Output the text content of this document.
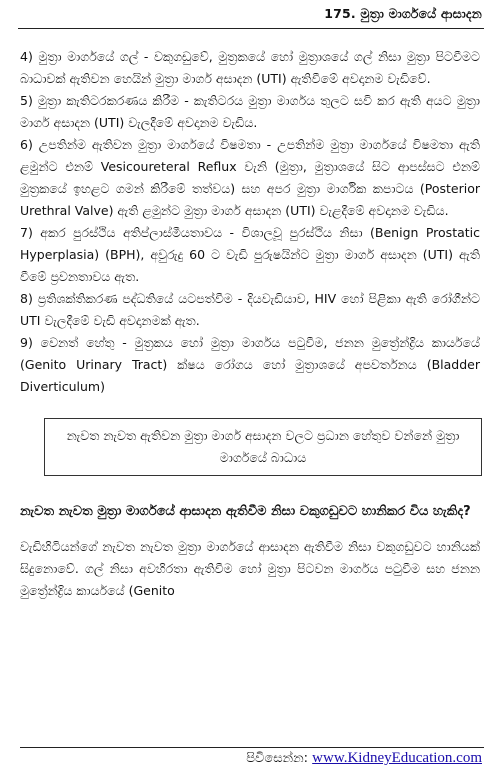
175. මුත්‍රා මාර්ගයේ ආසාදන

4) මුත්‍රා මාර්ගයේ ගල් - වකුගඩුවේ, මුත්‍රකයේ හෝ මුත්‍රාශයේ ගල් නිසා මුත්‍රා පිටවීමට බාධාවක් ඇතිවන හෙයින් මුත්‍රා මාර්ග අසාදන (UTI) ඇතිවීමේ අවදානම වැඩිවේ.

5) මුත්‍රා කැතිටරකරණය කිරීම - කැතිටරය මුත්‍රා මාර්ගය තුලට සවි කර ඇති අයට මුත්‍රා මාර්ග අසාදන (UTI) වැලදීමේ අවදානම වැඩිය.

6) උපතින්ම ඇතිවන මුත්‍රා මාර්ගයේ විෂමතා - උපතින්ම මුත්‍රා මාර්ගයේ විෂමතා ඇති ළමුන්ට එනම් Vesicoureteral Reflux වැනි (මුත්‍රා, මුත්‍රාශයේ සිට ආපස්සට එනම් මුත්‍රකයේ ඉහළට ගමන් කිරීමේ තත්වය) සහ අපර මුත්‍රා මාර්ගික කපාටය (Posterior Urethral Valve) ඇති ළමුන්ට මුත්‍රා මාර්ග අසාදන (UTI) වැළදීමේ අවදානම වැඩිය.

7) අකර පුරස්ථිය අතිප්ලාස්මීයතාවය - විශාලවූ පුරස්ථිය නිසා (Benign Prostatic Hyperplasia) (BPH), අවුරුදු 60 ට වැඩි පුරුෂයින්ට මුත්‍රා මාර්ග අසාදන (UTI) ඇති වීමේ ප්‍රවනතාවය ඇත.

8) ප්‍රතිශක්තිකරණ පද්ධතියේ යටපත්වීම - දියවැඩියාව, HIV හෝ පිළිකා ඇති රෝගීන්ට UTI වැලදීමේ වැඩි අවදානමක් ඇත.

9) වෙනත් හේතු - මුත්‍රකය හෝ මුත්‍රා මාර්ගය පටුවීම, ජනන මුත්‍රේන්ද්‍රිය කාර්යයේ (Genito Urinary Tract) ක්ෂය රෝගය හෝ මුත්‍රාශයේ අපවර්තනය (Bladder Diverticulum)

නැවත නැවත ඇතිවන මුත්‍රා මාර්ග අසාදන වලට ප්‍රධාන හේතුව වන්නේ මුත්‍රා මාර්ගයේ බාධාය
නැවත නැවත මුත්‍රා මාර්ගයේ ආසාදන ඇතිවීම නිසා වකුගඩුවට හානිකර විය හැකිද?
වැඩිහිටියන්ගේ නැවත නැවත මුත්‍රා මාර්ගයේ ආසාදන ඇතිවීම නිසා වකුගඩුවට හානියක් සිදුනොවේ. ගල් නිසා අවහිරතා ඇතිවීම හෝ මුත්‍රා පිටවන මාර්ගය පටුවීම සහ ජනන මුත්‍රේන්ද්‍රිය කාර්යයේ (Genito
පිවිසෙන්න: www.KidneyEducation.com
